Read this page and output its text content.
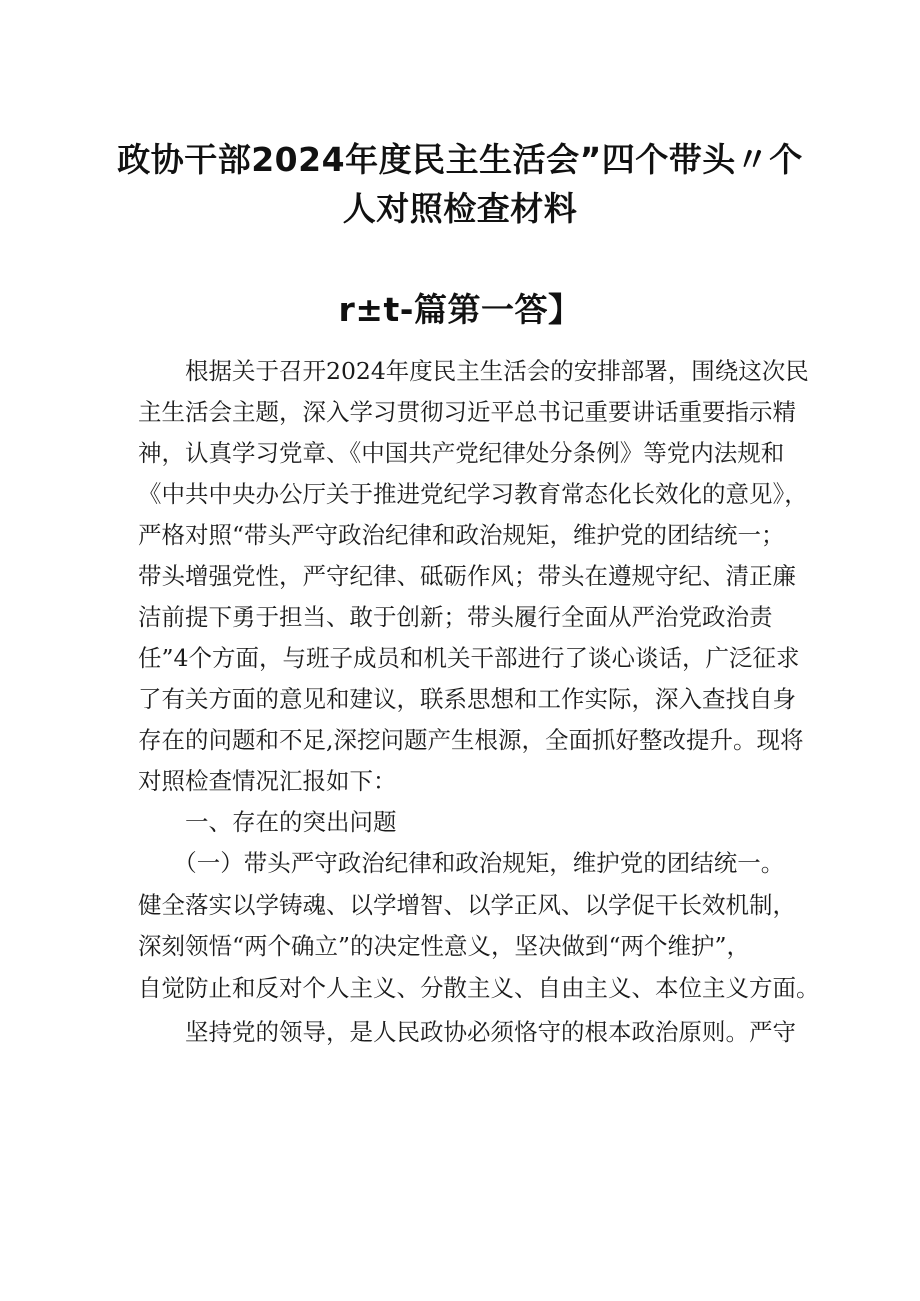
政协干部2024年度民主生活会”四个带头〃个
人对照检查材料
r±t-篇第一答】
　　根据关于召开2024年度民主生活会的安排部署，围绕这次民
主生活会主题，深入学习贯彻习近平总书记重要讲话重要指示精
神，认真学习党章、《中国共产党纪律处分条例》等党内法规和
《中共中央办公厅关于推进党纪学习教育常态化长效化的意见》，
严格对照“带头严守政治纪律和政治规矩，维护党的团结统一；
带头增强党性，严守纪律、砥砺作风；带头在遵规守纪、清正廉
洁前提下勇于担当、敢于创新；带头履行全面从严治党政治责
任”4个方面，与班子成员和机关干部进行了谈心谈话，广泛征求
了有关方面的意见和建议，联系思想和工作实际，深入查找自身
存在的问题和不足,深挖问题产生根源，全面抓好整改提升。现将
对照检查情况汇报如下：
　　一、存在的突出问题
　　（一）带头严守政治纪律和政治规矩，维护党的团结统一。
健全落实以学铸魂、以学增智、以学正风、以学促干长效机制，
深刻领悟“两个确立”的决定性意义，坚决做到“两个维护”，
自觉防止和反对个人主义、分散主义、自由主义、本位主义方面。
　　坚持党的领导，是人民政协必须恪守的根本政治原则。严守
